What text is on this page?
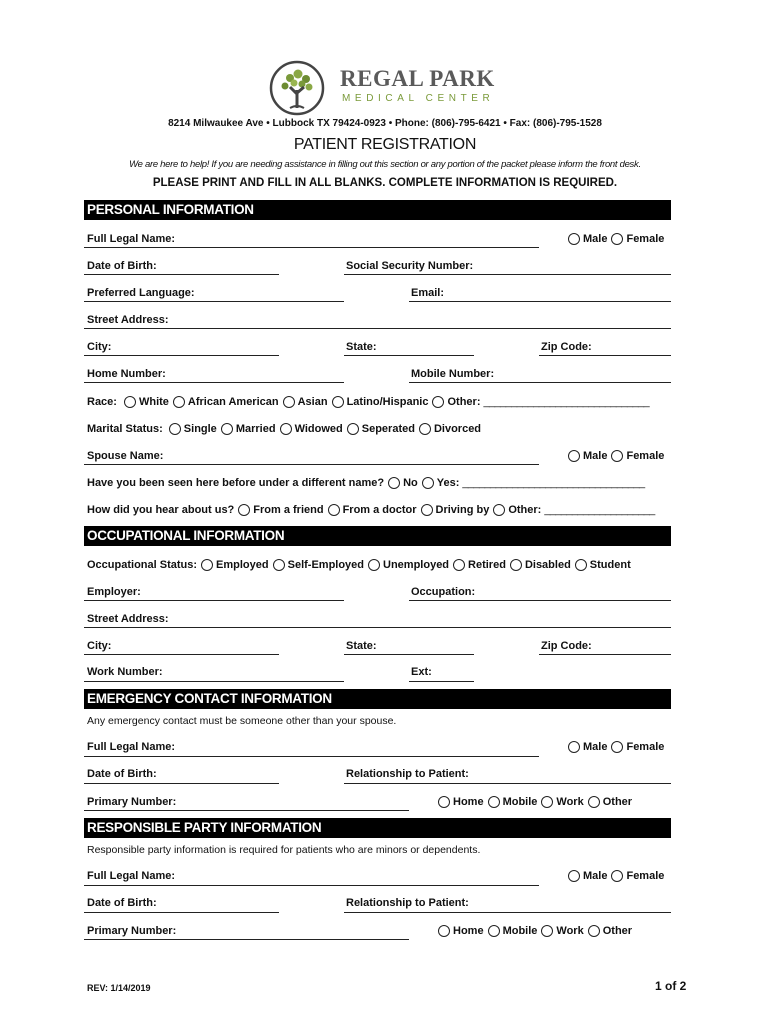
REGAL PARK
MEDICAL CENTER
8214 Milwaukee Ave • Lubbock TX 79424-0923 • Phone: (806)-795-6421 • Fax: (806)-795-1528
PATIENT REGISTRATION
We are here to help! If you are needing assistance in filling out this section or any portion of the packet please inform the front desk.
PLEASE PRINT AND FILL IN ALL BLANKS. COMPLETE INFORMATION IS REQUIRED.
PERSONAL INFORMATION
Full Legal Name:	Male Female
Date of Birth:	Social Security Number:
Preferred Language:	Email:
Street Address:
City:	State:	Zip Code:
Home Number:	Mobile Number:
Race: White African American Asian Latino/Hispanic Other: ______________________________
Marital Status: Single Married Widowed Seperated Divorced
Spouse Name:	Male Female
Have you been seen here before under a different name? No Yes: _________________________________
How did you hear about us? From a friend From a doctor Driving by Other: ____________________
OCCUPATIONAL INFORMATION
Occupational Status: Employed Self-Employed Unemployed Retired Disabled Student
Employer:	Occupation:
Street Address:
City:	State:	Zip Code:
Work Number:	Ext:
EMERGENCY CONTACT INFORMATION
Any emergency contact must be someone other than your spouse.
Full Legal Name:	Male Female
Date of Birth:	Relationship to Patient:
Primary Number:	Home Mobile Work Other
RESPONSIBLE PARTY INFORMATION
Responsible party information is required for patients who are minors or dependents.
Full Legal Name:	Male Female
Date of Birth:	Relationship to Patient:
Primary Number:	Home Mobile Work Other
REV: 1/14/2019	1 of 2
